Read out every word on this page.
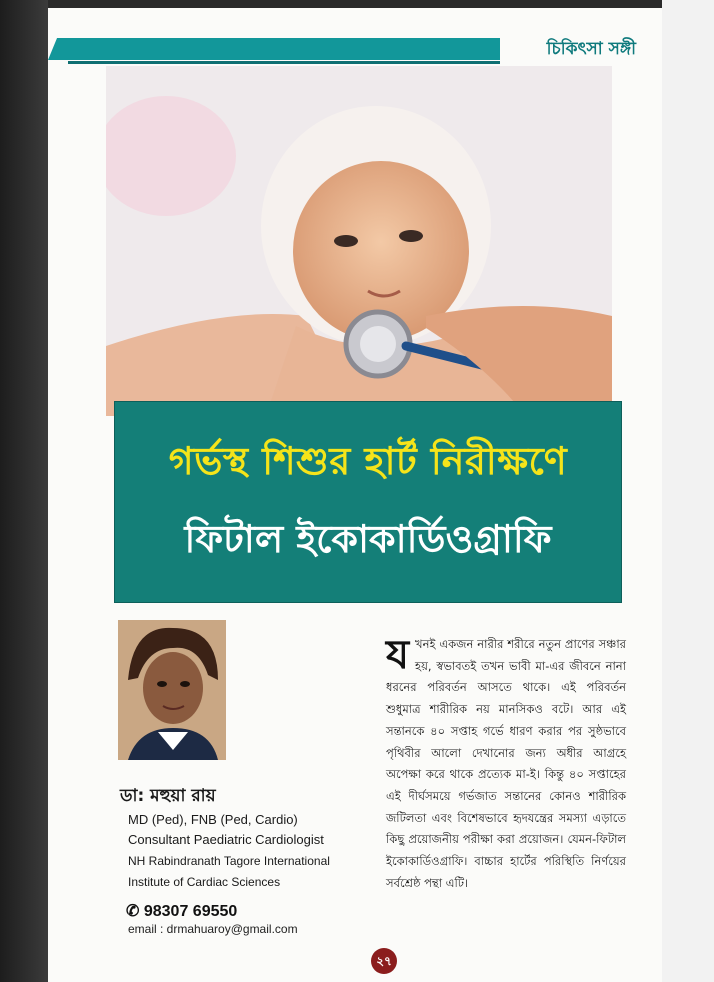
চিকিৎসা সঙ্গী
গর্ভস্থ শিশুর হার্ট নিরীক্ষণে
ফিটাল ইকোকার্ডিওগ্রাফি
ডা: মহুয়া রায়
MD (Ped), FNB (Ped, Cardio)
Consultant Paediatric Cardiologist
NH Rabindranath Tagore International
Institute of Cardiac Sciences
✆ 98307 69550
email : drmahuaroy@gmail.com
যখনই একজন নারীর শরীরে নতুন প্রাণের সঞ্চার হয়, স্বভাবতই তখন ভাবী মা-এর জীবনে নানা ধরনের পরিবর্তন আসতে থাকে। এই পরিবর্তন শুধুমাত্র শারীরিক নয় মানসিকও বটে। আর এই সন্তানকে ৪০ সপ্তাহ গর্ভে ধারণ করার পর সুষ্ঠভাবে পৃথিবীর আলো দেখানোর জন্য অধীর আগ্রহে অপেক্ষা করে থাকে প্রত্যেক মা-ই। কিন্তু ৪০ সপ্তাহের এই দীর্ঘসময়ে গর্ভজাত সন্তানের কোনও শারীরিক জটিলতা এবং বিশেষভাবে হৃদযন্ত্রের সমস্যা এড়াতে কিছু প্রয়োজনীয় পরীক্ষা করা প্রয়োজন। যেমন-ফিটাল ইকোকার্ডিওগ্রাফি। বাচ্চার হার্টের পরিস্থিতি নির্ণয়ের সর্বশ্রেষ্ঠ পন্থা এটি।
২৭
